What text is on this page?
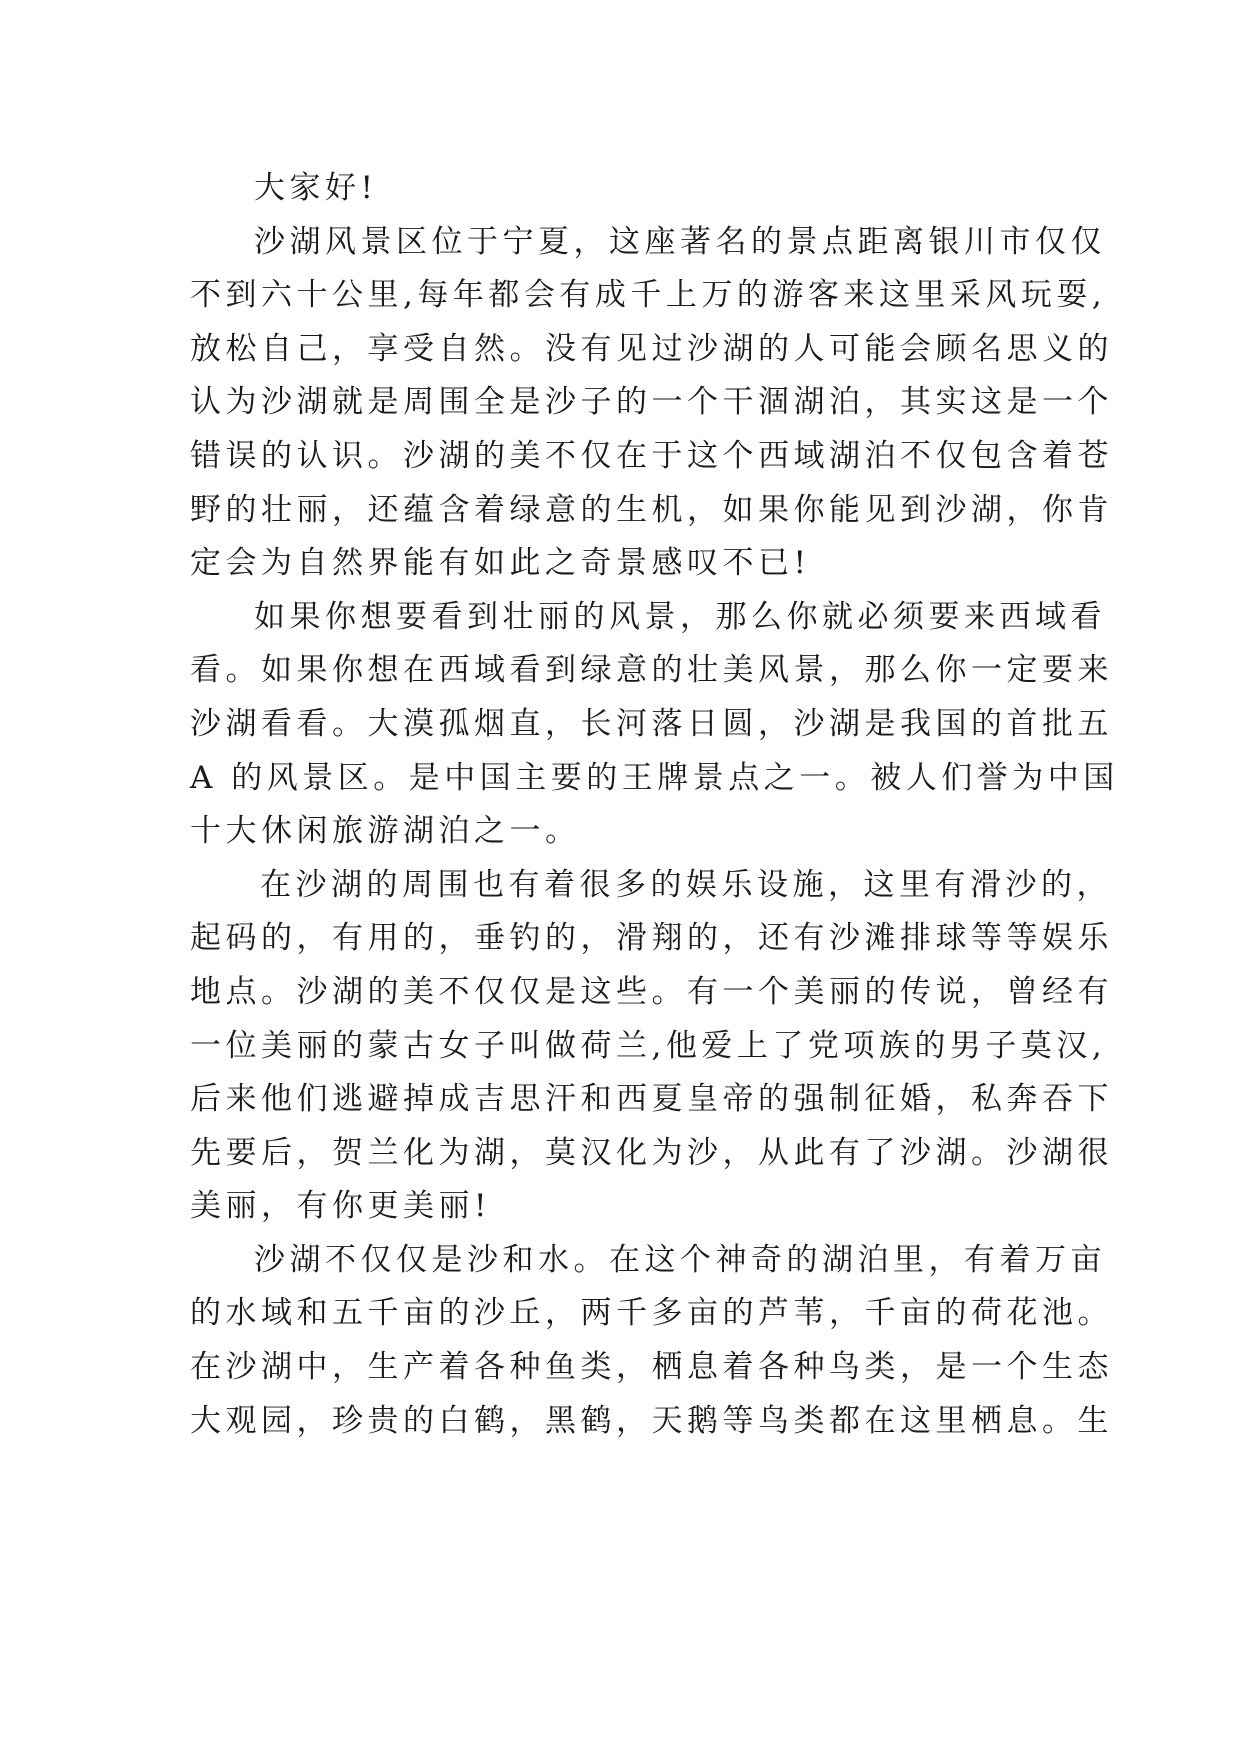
大家好!
沙湖风景区位于宁夏，这座著名的景点距离银川市仅仅
不到六十公里,每年都会有成千上万的游客来这里采风玩耍,
放松自己，享受自然。没有见过沙湖的人可能会顾名思义的
认为沙湖就是周围全是沙子的一个干涸湖泊，其实这是一个
错误的认识。沙湖的美不仅在于这个西域湖泊不仅包含着苍
野的壮丽，还蕴含着绿意的生机，如果你能见到沙湖，你肯
定会为自然界能有如此之奇景感叹不已!
如果你想要看到壮丽的风景，那么你就必须要来西域看
看。如果你想在西域看到绿意的壮美风景，那么你一定要来
沙湖看看。大漠孤烟直，长河落日圆，沙湖是我国的首批五
A 的风景区。是中国主要的王牌景点之一。被人们誉为中国
十大休闲旅游湖泊之一。
在沙湖的周围也有着很多的娱乐设施，这里有滑沙的，
起码的，有用的，垂钓的，滑翔的，还有沙滩排球等等娱乐
地点。沙湖的美不仅仅是这些。有一个美丽的传说，曾经有
一位美丽的蒙古女子叫做荷兰,他爱上了党项族的男子莫汉,
后来他们逃避掉成吉思汗和西夏皇帝的强制征婚，私奔吞下
先要后，贺兰化为湖，莫汉化为沙，从此有了沙湖。沙湖很
美丽，有你更美丽!
沙湖不仅仅是沙和水。在这个神奇的湖泊里，有着万亩
的水域和五千亩的沙丘，两千多亩的芦苇，千亩的荷花池。
在沙湖中，生产着各种鱼类，栖息着各种鸟类，是一个生态
大观园，珍贵的白鹤，黑鹤，天鹅等鸟类都在这里栖息。生
